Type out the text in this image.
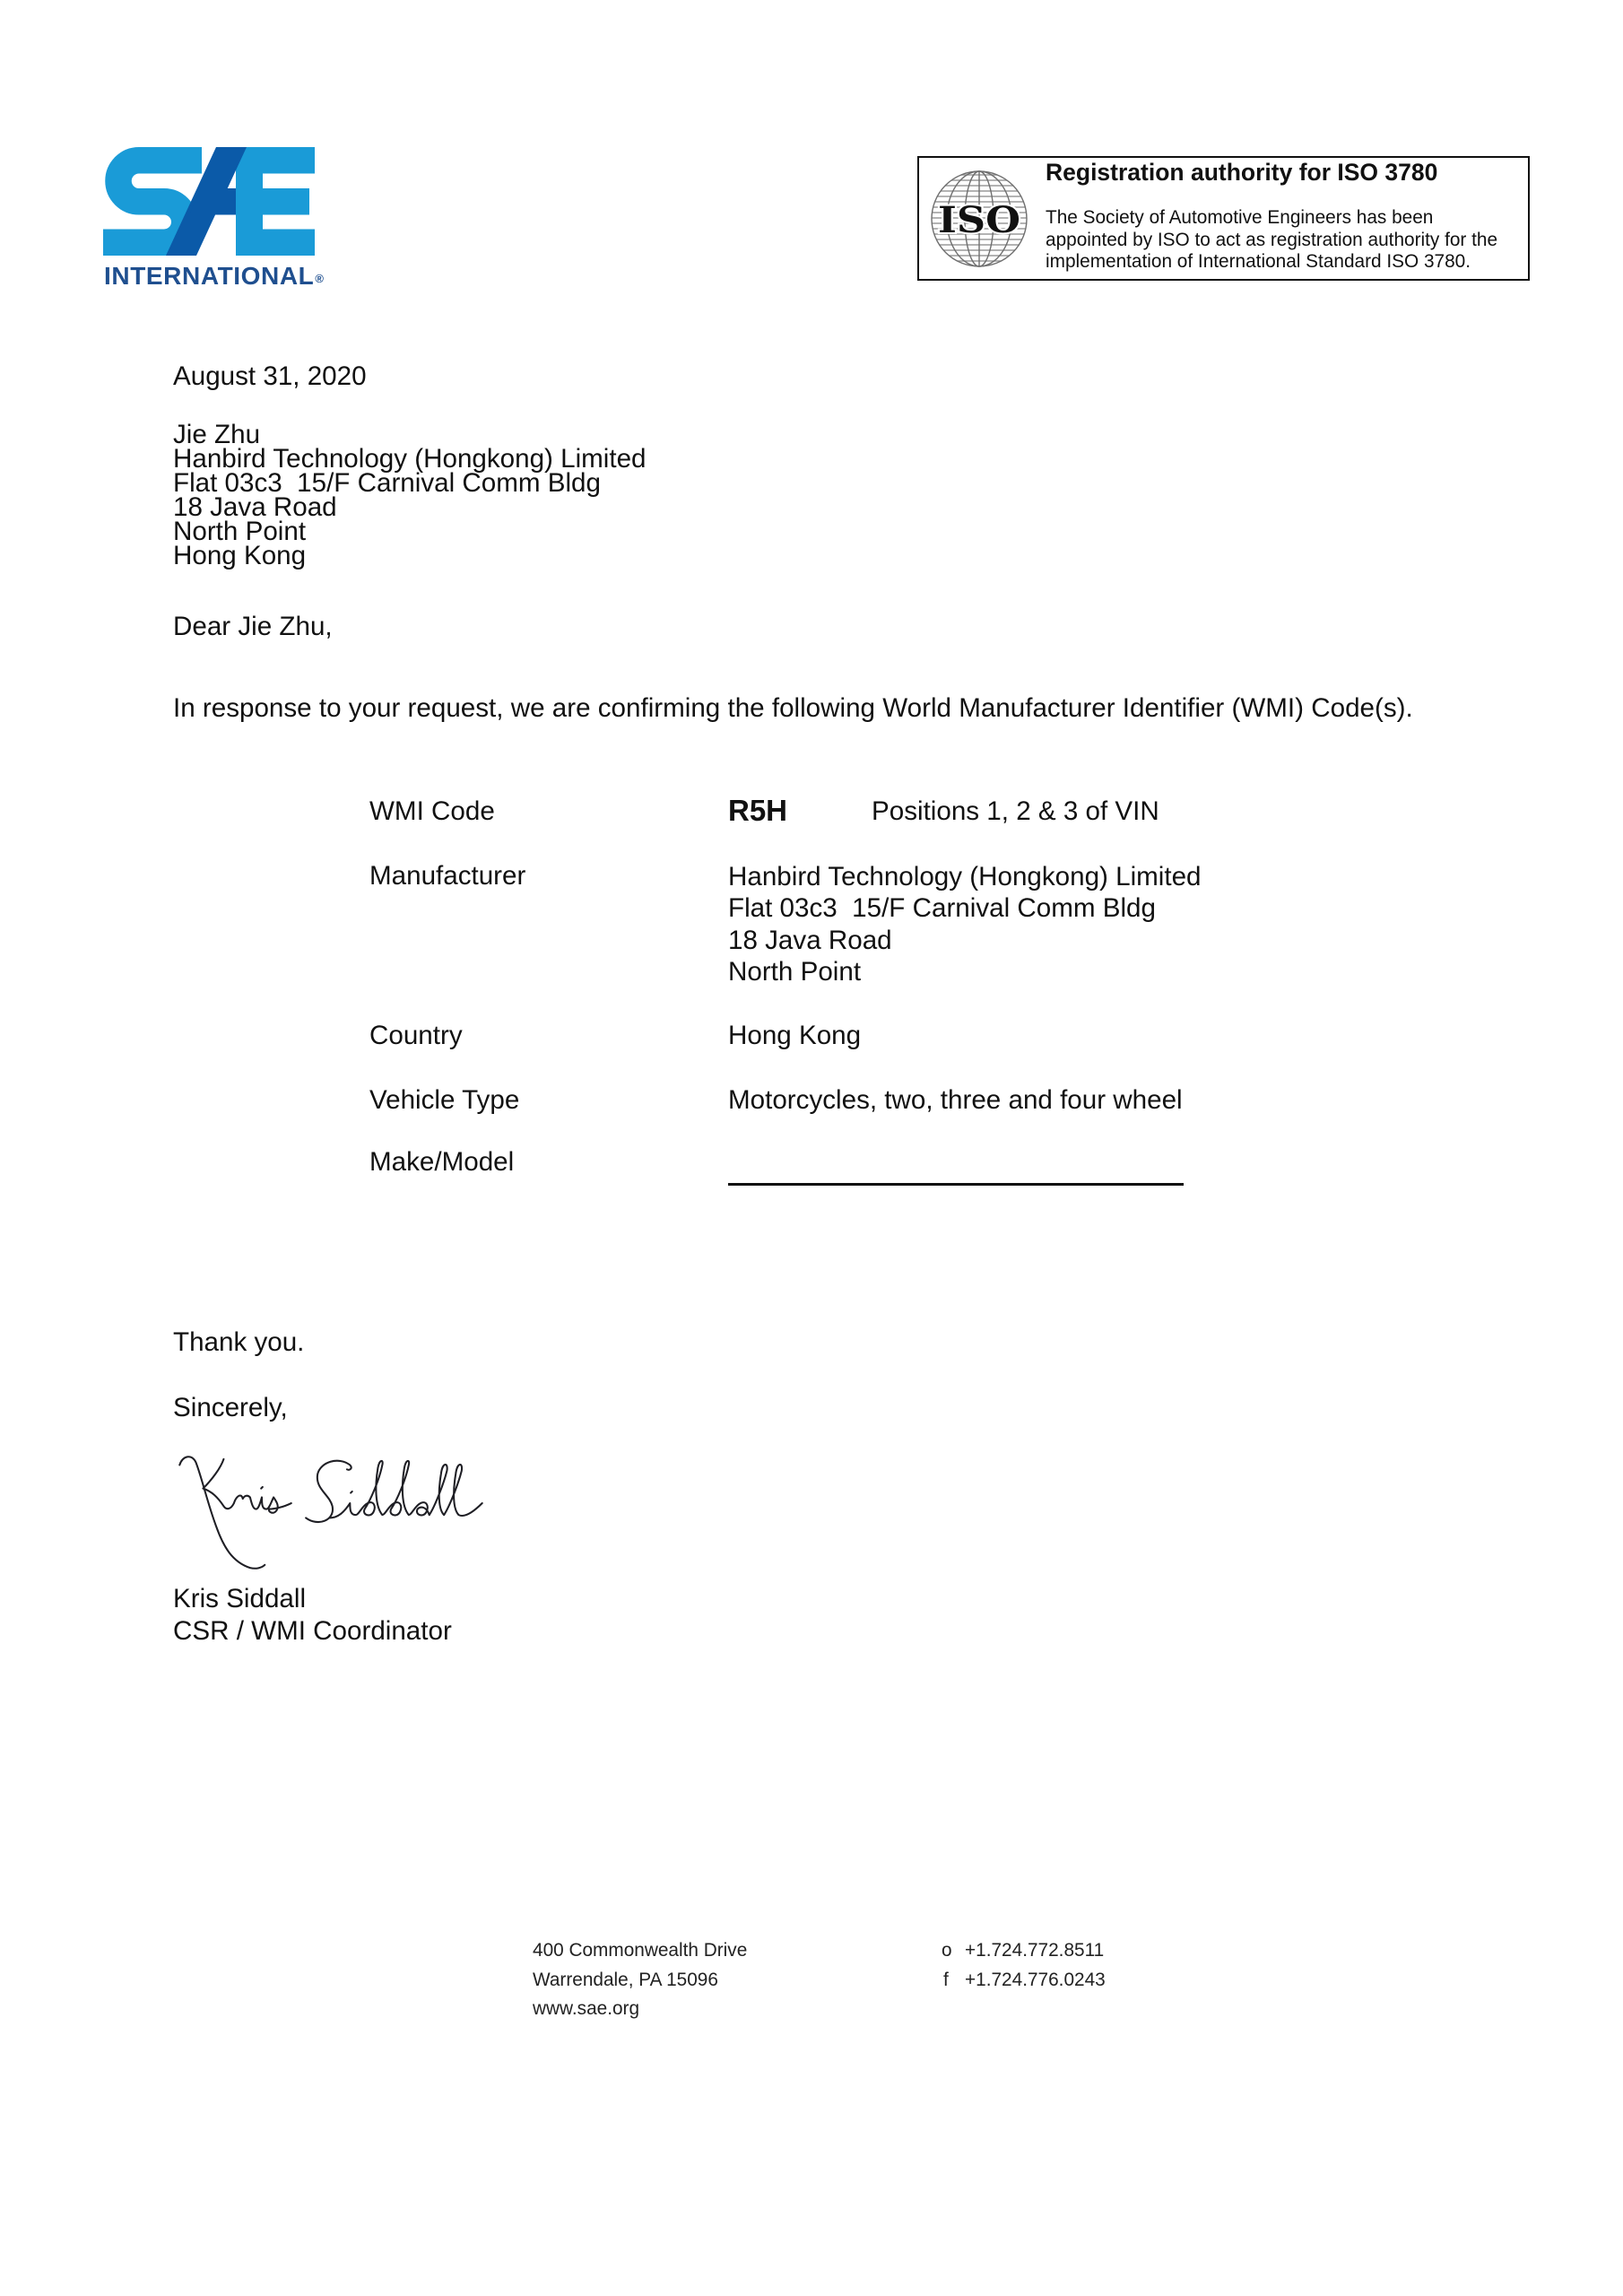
INTERNATIONAL®
ISO
Registration authority for ISO 3780
The Society of Automotive Engineers has been
appointed by ISO to act as registration authority for the
implementation of International Standard ISO 3780.
August 31, 2020
Jie Zhu
Hanbird Technology (Hongkong) Limited
Flat 03c3  15/F Carnival Comm Bldg
18 Java Road
North Point
Hong Kong
Dear Jie Zhu,
In response to your request, we are confirming the following World Manufacturer Identifier (WMI) Code(s).
WMI Code	R5H	Positions 1, 2 & 3 of VIN
Manufacturer	Hanbird Technology (Hongkong) Limited
Flat 03c3  15/F Carnival Comm Bldg
18 Java Road
North Point
Country	Hong Kong
Vehicle Type	Motorcycles, two, three and four wheel
Make/Model
Thank you.
Sincerely,
Kris Siddall
CSR / WMI Coordinator
400 Commonwealth Drive
Warrendale, PA 15096
www.sae.org
o +1.724.772.8511
f +1.724.776.0243
